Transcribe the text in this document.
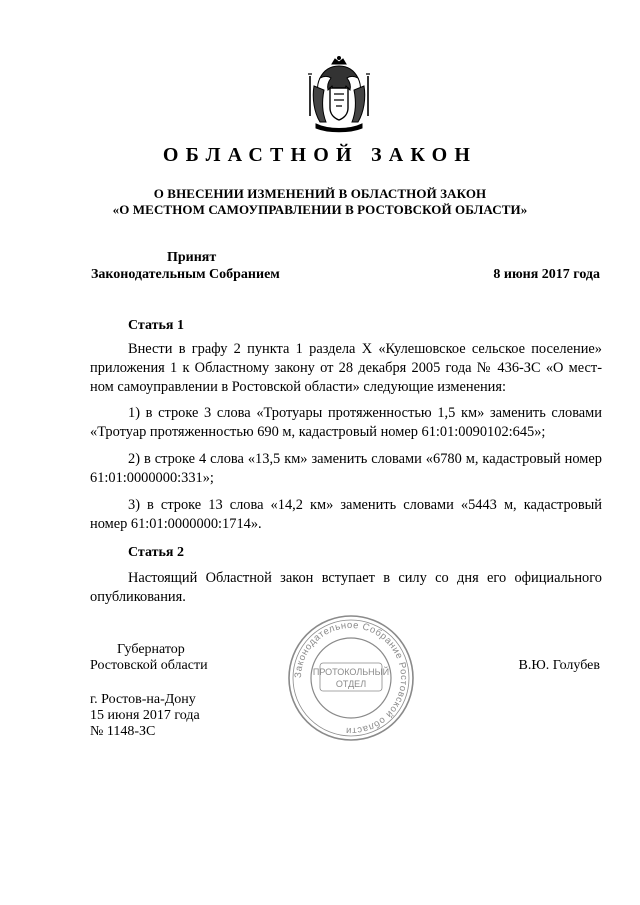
ОБЛАСТНОЙ ЗАКОН
О ВНЕСЕНИИ ИЗМЕНЕНИЙ В ОБЛАСТНОЙ ЗАКОН
«О МЕСТНОМ САМОУПРАВЛЕНИИ В РОСТОВСКОЙ ОБЛАСТИ»
Принят
Законодательным Собранием	8 июня 2017 года
Статья 1
Внести в графу 2 пункта 1 раздела X «Кулешовское сельское поселение» приложения 1 к Областному закону от 28 декабря 2005 года № 436-ЗС «О мест-ном самоуправлении в Ростовской области» следующие изменения:
1) в строке 3 слова «Тротуары протяженностью 1,5 км» заменить словами «Тротуар протяженностью 690 м, кадастровый номер 61:01:0090102:645»;
2) в строке 4 слова «13,5 км» заменить словами «6780 м, кадастровый номер 61:01:0000000:331»;
3) в строке 13 слова «14,2 км» заменить словами «5443 м, кадастровый номер 61:01:0000000:1714».
Статья 2
Настоящий Областной закон вступает в силу со дня его официального опубликования.
Губернатор
Ростовской области	В.Ю. Голубев
Законодательное Собрание Ростовской области
ПРОТОКОЛЬНЫЙ
ОТДЕЛ
г. Ростов-на-Дону
15 июня 2017 года
№ 1148-ЗС
